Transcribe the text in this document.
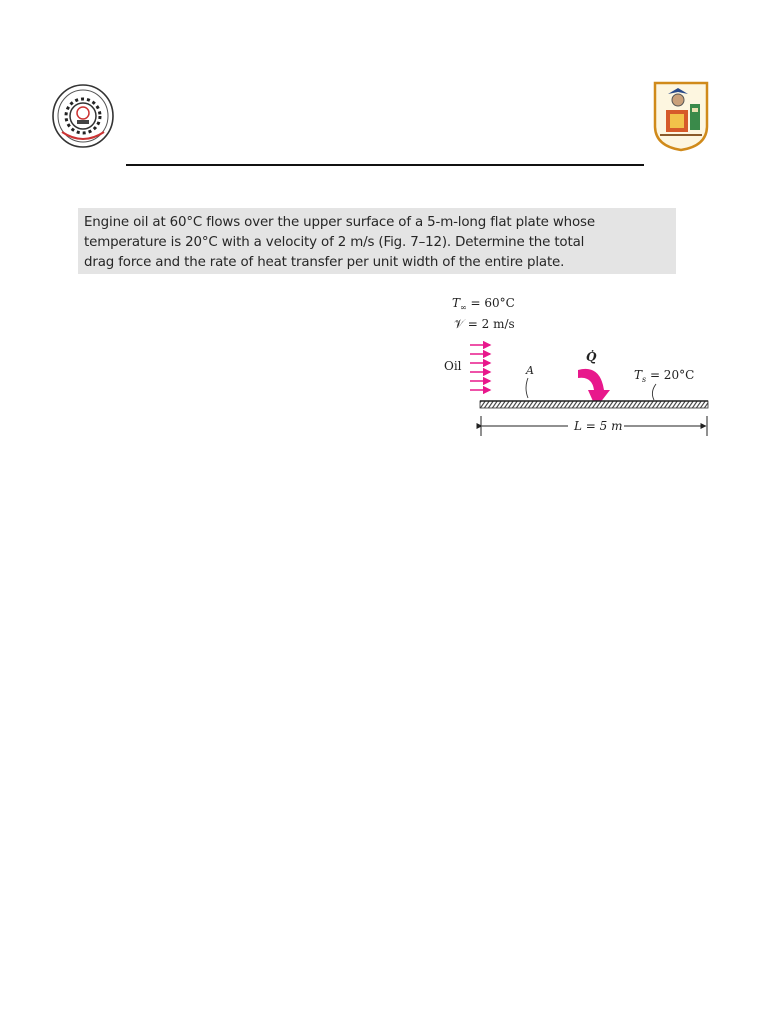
Engine oil at 60°C flows over the upper surface of a 5-m-long flat plate whose
temperature is 20°C with a velocity of 2 m/s (Fig. 7–12). Determine the total
drag force and the rate of heat transfer per unit width of the entire plate.
$T_\infty = 60^\circ C$
𝒱 = 2 m/s
Oil	A
Q̇
$T_s = 20^\circ C$
L = 5 m
